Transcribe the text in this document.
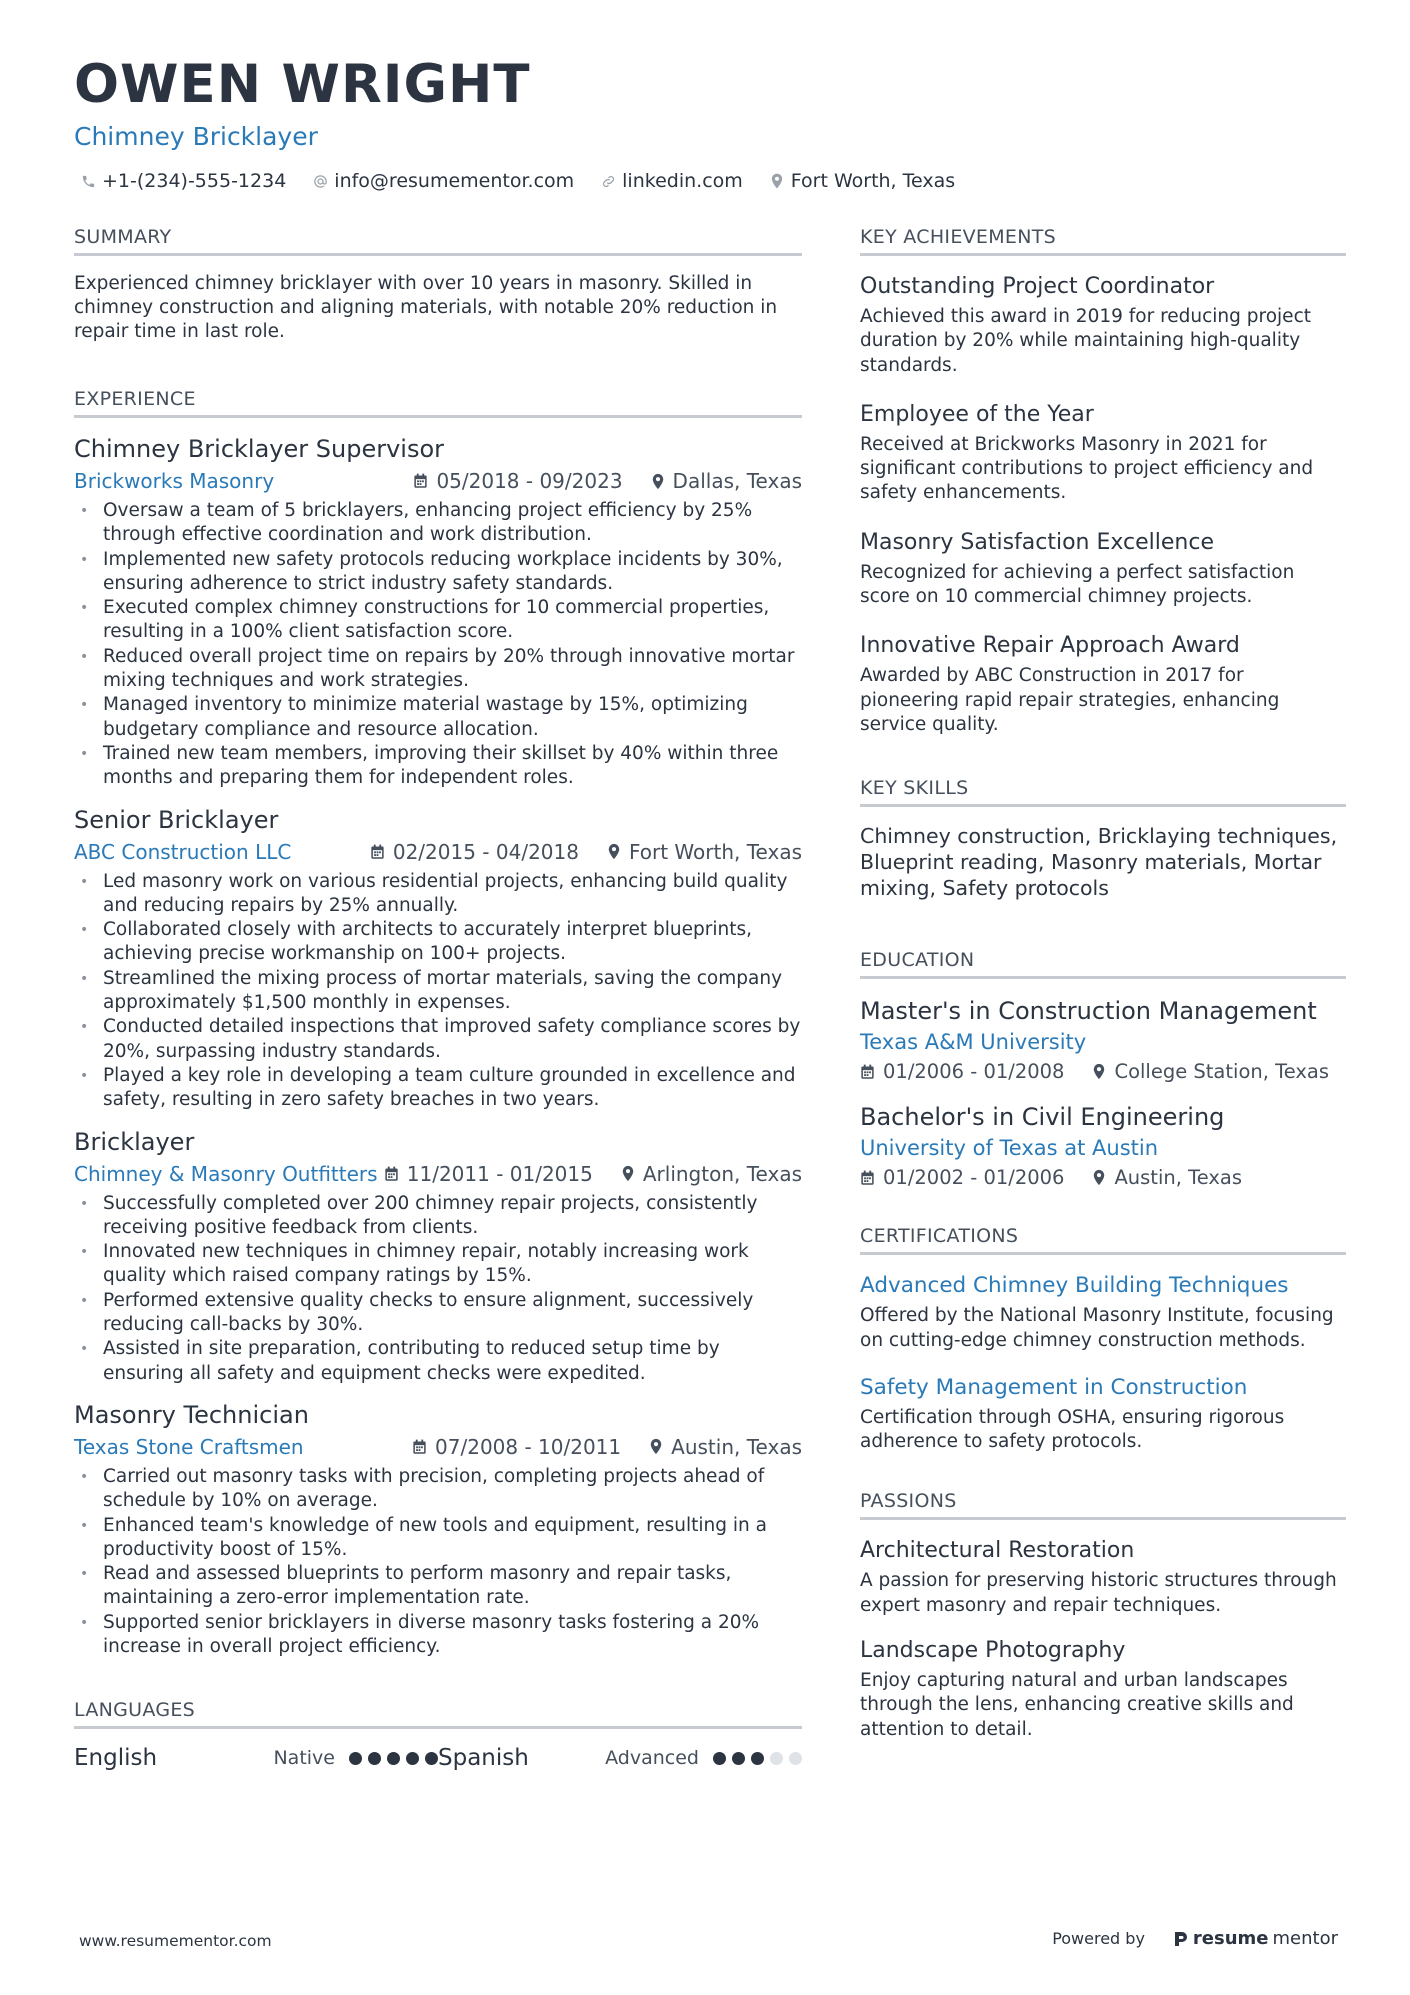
OWEN WRIGHT
Chimney Bricklayer
+1-(234)-555-1234	info@resumementor.com	linkedin.com	Fort Worth, Texas
SUMMARY
Experienced chimney bricklayer with over 10 years in masonry. Skilled in chimney construction and aligning materials, with notable 20% reduction in repair time in last role.
EXPERIENCE
Chimney Bricklayer Supervisor
Brickworks Masonry	05/2018 - 09/2023	Dallas, Texas
• Oversaw a team of 5 bricklayers, enhancing project efficiency by 25% through effective coordination and work distribution.
• Implemented new safety protocols reducing workplace incidents by 30%, ensuring adherence to strict industry safety standards.
• Executed complex chimney constructions for 10 commercial properties, resulting in a 100% client satisfaction score.
• Reduced overall project time on repairs by 20% through innovative mortar mixing techniques and work strategies.
• Managed inventory to minimize material wastage by 15%, optimizing budgetary compliance and resource allocation.
• Trained new team members, improving their skillset by 40% within three months and preparing them for independent roles.
Senior Bricklayer
ABC Construction LLC	02/2015 - 04/2018	Fort Worth, Texas
• Led masonry work on various residential projects, enhancing build quality and reducing repairs by 25% annually.
• Collaborated closely with architects to accurately interpret blueprints, achieving precise workmanship on 100+ projects.
• Streamlined the mixing process of mortar materials, saving the company approximately $1,500 monthly in expenses.
• Conducted detailed inspections that improved safety compliance scores by 20%, surpassing industry standards.
• Played a key role in developing a team culture grounded in excellence and safety, resulting in zero safety breaches in two years.
Bricklayer
Chimney & Masonry Outfitters 11/2011 - 01/2015	Arlington, Texas
• Successfully completed over 200 chimney repair projects, consistently receiving positive feedback from clients.
• Innovated new techniques in chimney repair, notably increasing work quality which raised company ratings by 15%.
• Performed extensive quality checks to ensure alignment, successively reducing call-backs by 30%.
• Assisted in site preparation, contributing to reduced setup time by ensuring all safety and equipment checks were expedited.
Masonry Technician
Texas Stone Craftsmen	07/2008 - 10/2011	Austin, Texas
• Carried out masonry tasks with precision, completing projects ahead of schedule by 10% on average.
• Enhanced team's knowledge of new tools and equipment, resulting in a productivity boost of 15%.
• Read and assessed blueprints to perform masonry and repair tasks, maintaining a zero-error implementation rate.
• Supported senior bricklayers in diverse masonry tasks fostering a 20% increase in overall project efficiency.
LANGUAGES
English	Native	Spanish	Advanced
KEY ACHIEVEMENTS
Outstanding Project Coordinator
Achieved this award in 2019 for reducing project duration by 20% while maintaining high-quality standards.
Employee of the Year
Received at Brickworks Masonry in 2021 for significant contributions to project efficiency and safety enhancements.
Masonry Satisfaction Excellence
Recognized for achieving a perfect satisfaction score on 10 commercial chimney projects.
Innovative Repair Approach Award
Awarded by ABC Construction in 2017 for pioneering rapid repair strategies, enhancing service quality.
KEY SKILLS
Chimney construction, Bricklaying techniques, Blueprint reading, Masonry materials, Mortar mixing, Safety protocols
EDUCATION
Master's in Construction Management
Texas A&M University
01/2006 - 01/2008	College Station, Texas
Bachelor's in Civil Engineering
University of Texas at Austin
01/2002 - 01/2006	Austin, Texas
CERTIFICATIONS
Advanced Chimney Building Techniques
Offered by the National Masonry Institute, focusing on cutting-edge chimney construction methods.
Safety Management in Construction
Certification through OSHA, ensuring rigorous adherence to safety protocols.
PASSIONS
Architectural Restoration
A passion for preserving historic structures through expert masonry and repair techniques.
Landscape Photography
Enjoy capturing natural and urban landscapes through the lens, enhancing creative skills and attention to detail.
www.resumementor.com	Powered by	resume mentor
